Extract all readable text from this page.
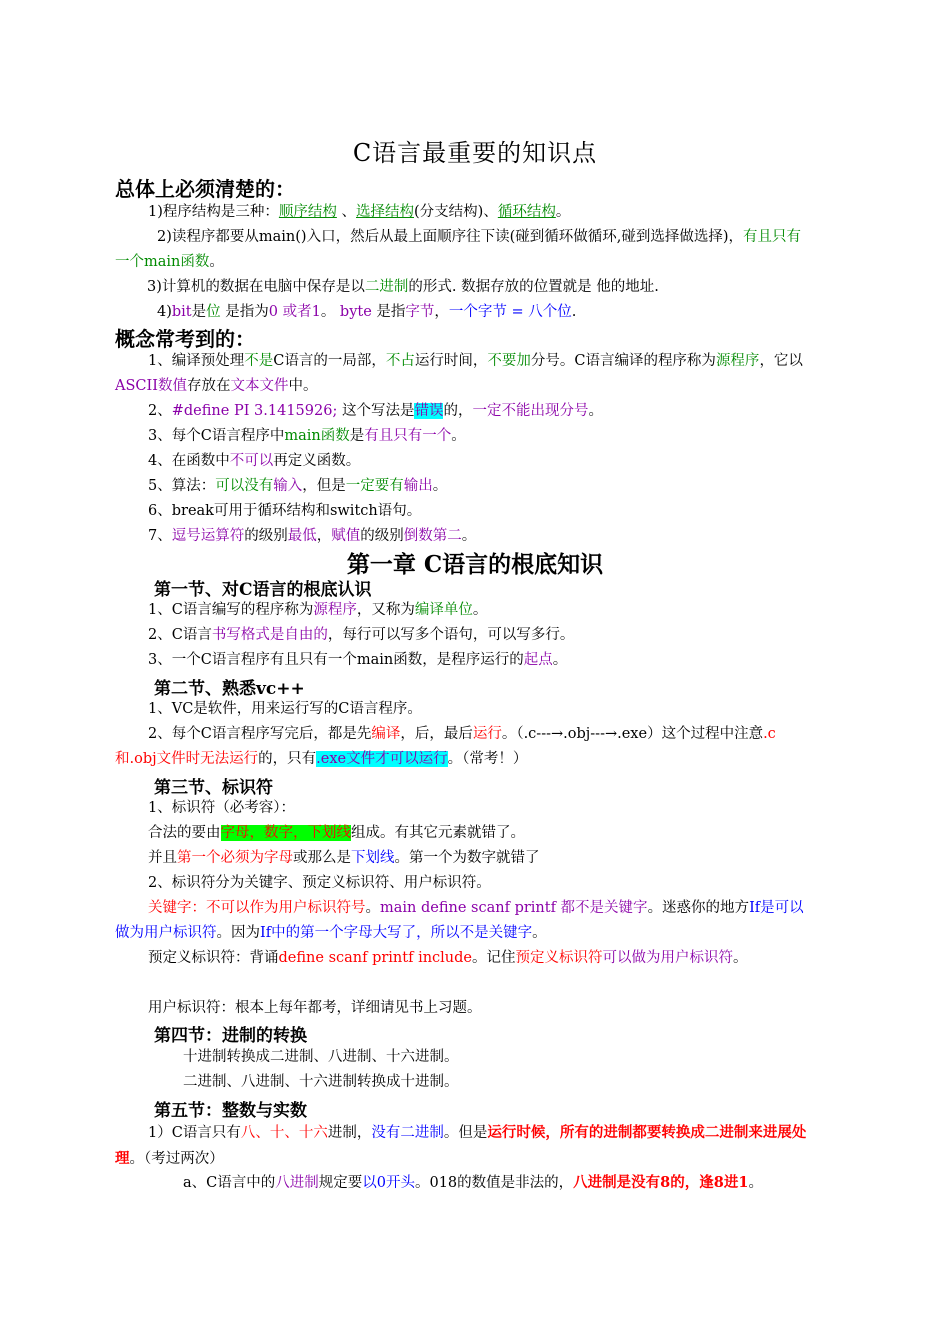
C语言最重要的知识点
总体上必须清楚的：
1)程序结构是三种：顺序结构 、选择结构(分支结构)、循环结构。
2)读程序都要从main()入口，然后从最上面顺序往下读(碰到循环做循环,碰到选择做选择)，有且只有一个main函数。
3)计算机的数据在电脑中保存是以二进制的形式. 数据存放的位置就是 他的地址.
4)bit是位 是指为0 或者1。 byte 是指字节，一个字节 = 八个位.
概念常考到的：
1、编译预处理不是C语言的一局部，不占运行时间，不要加分号。C语言编译的程序称为源程序，它以ASCII数值存放在文本文件中。
2、#define PI 3.1415926; 这个写法是错误的，一定不能出现分号。
3、每个C语言程序中main函数是有且只有一个。
4、在函数中不可以再定义函数。
5、算法：可以没有输入，但是一定要有输出。
6、break可用于循环结构和switch语句。
7、逗号运算符的级别最低，赋值的级别倒数第二。
第一章 C语言的根底知识
第一节、对C语言的根底认识
1、C语言编写的程序称为源程序，又称为编译单位。
2、C语言书写格式是自由的，每行可以写多个语句，可以写多行。
3、一个C语言程序有且只有一个main函数，是程序运行的起点。
第二节、熟悉vc++
1、VC是软件，用来运行写的C语言程序。
2、每个C语言程序写完后，都是先编译，后，最后运行。（.c---→.obj---→.exe）这个过程中注意.c和.obj文件时无法运行的，只有.exe文件才可以运行。（常考！）
第三节、标识符
1、标识符（必考容）：
合法的要由字母，数字，下划线组成。有其它元素就错了。
并且第一个必须为字母或那么是下划线。第一个为数字就错了
2、标识符分为关键字、预定义标识符、用户标识符。
关键字：不可以作为用户标识符号。main define scanf printf 都不是关键字。迷惑你的地方If是可以做为用户标识符。因为If中的第一个字母大写了，所以不是关键字。
预定义标识符：背诵define scanf printf include。记住预定义标识符可以做为用户标识符。
用户标识符：根本上每年都考，详细请见书上习题。
第四节：进制的转换
十进制转换成二进制、八进制、十六进制。
二进制、八进制、十六进制转换成十进制。
第五节：整数与实数
1）C语言只有八、十、十六进制，没有二进制。但是运行时候，所有的进制都要转换成二进制来进展处理。（考过两次）
a、C语言中的八进制规定要以0开头。018的数值是非法的，八进制是没有8的，逢8进1。
